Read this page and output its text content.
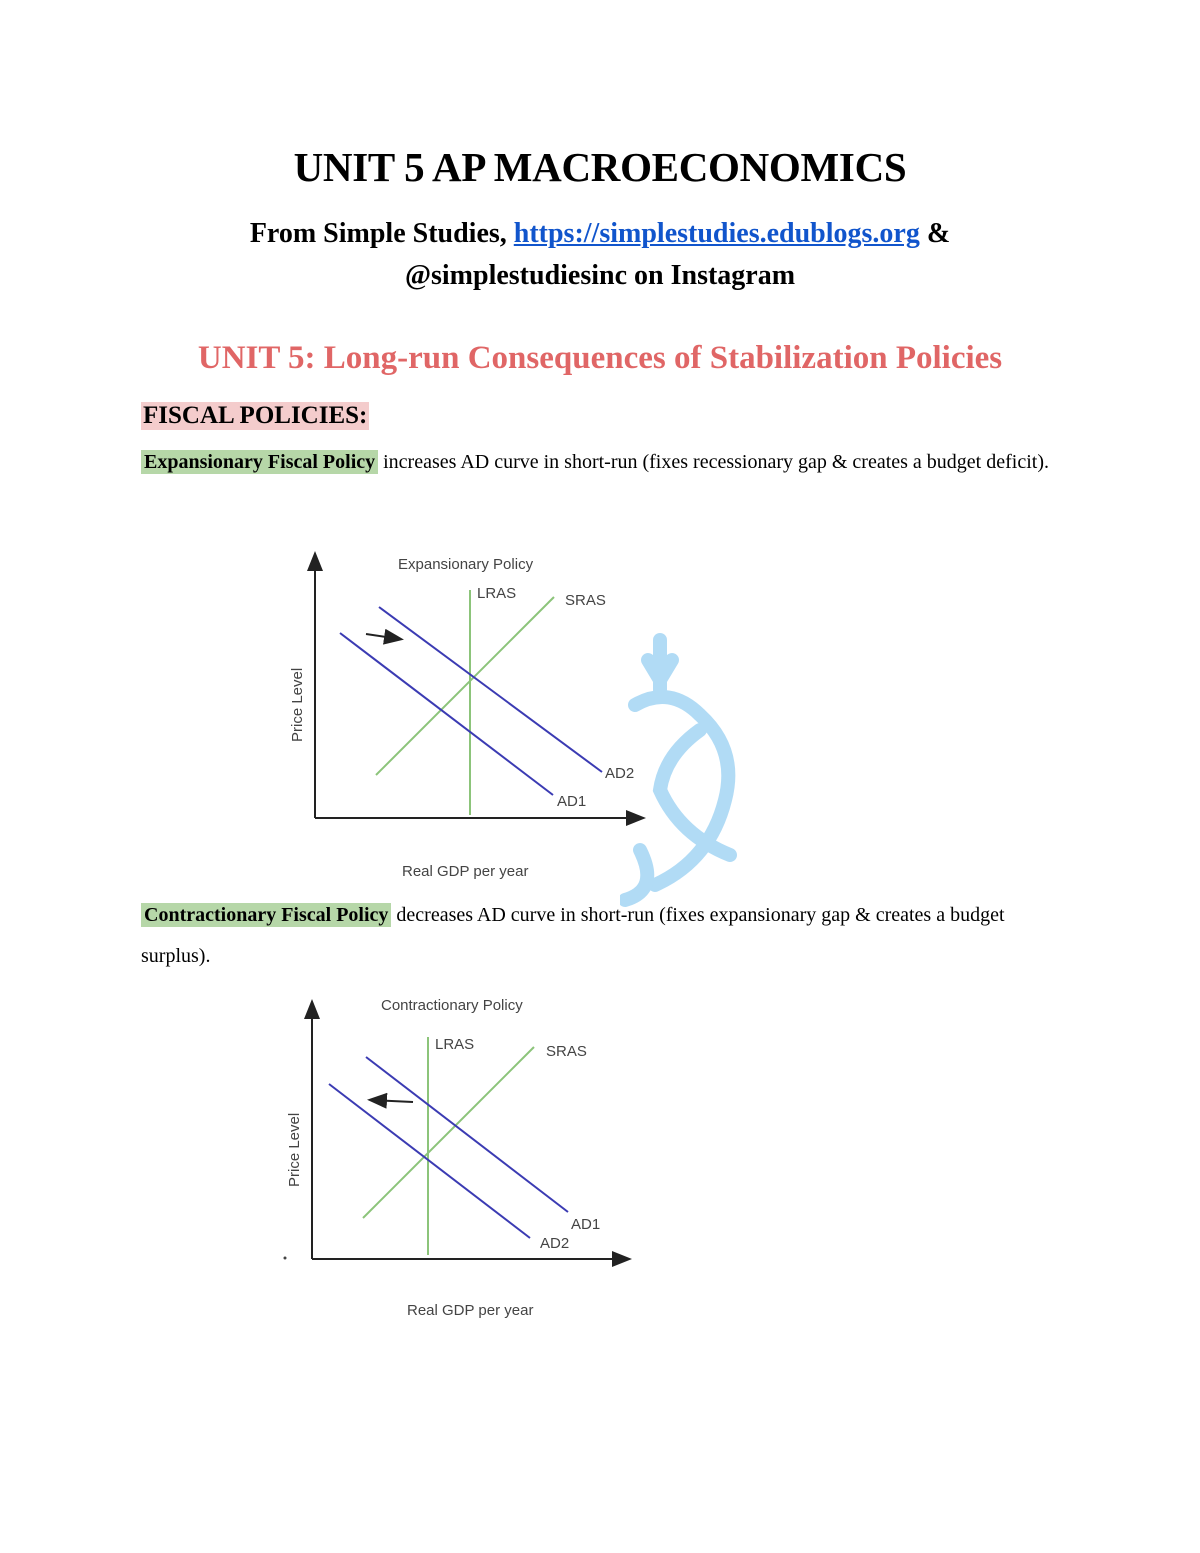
UNIT 5 AP MACROECONOMICS
From Simple Studies, https://simplestudies.edublogs.org &
@simplestudiesinc on Instagram
UNIT 5: Long-run Consequences of Stabilization Policies
FISCAL POLICIES:
Expansionary Fiscal Policy increases AD curve in short-run (fixes recessionary gap & creates a budget deficit).
Expansionary Policy
Real GDP per year
Price Level
LRAS	SRAS
AD1
AD2
Contractionary Fiscal Policy decreases AD curve in short-run (fixes expansionary gap & creates a budget surplus).
Contractionary Policy
Real GDP per year
Price Level
LRAS	SRAS
AD1
AD2
